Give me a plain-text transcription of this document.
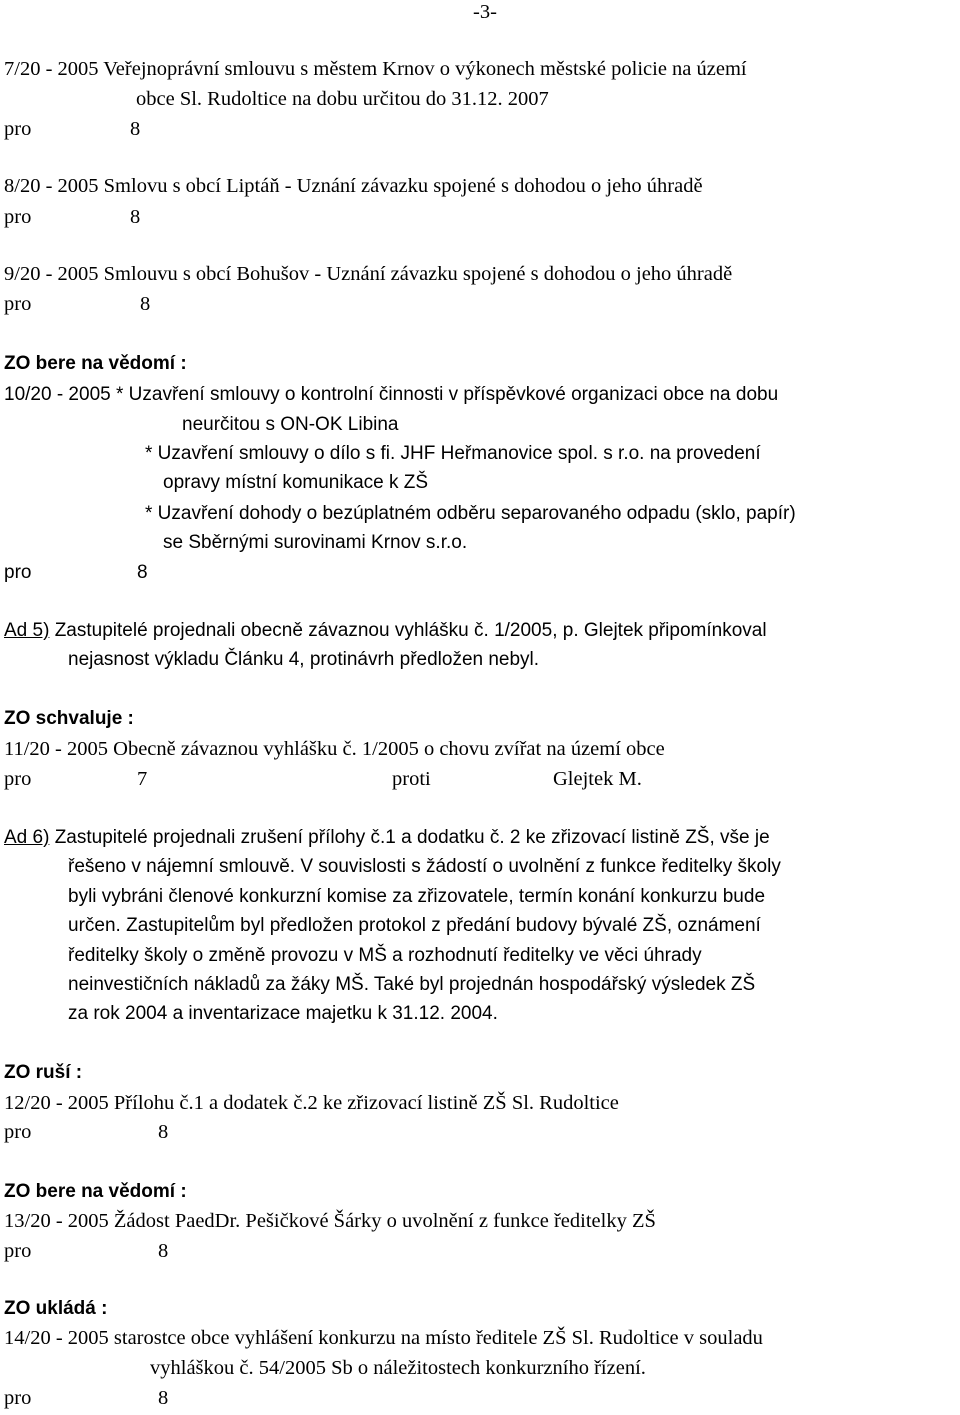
-3-
7/20 - 2005 Veřejnoprávní smlouvu s městem Krnov o výkonech městské policie na území
obce Sl. Rudoltice na dobu určitou do 31.12. 2007
pro	8
8/20 - 2005 Smlovu s obcí Liptáň - Uznání závazku spojené s dohodou o jeho úhradě
pro	8
9/20 - 2005 Smlouvu s obcí Bohušov - Uznání závazku spojené s dohodou o jeho úhradě
pro	8
ZO bere na vědomí :
10/20 - 2005 * Uzavření smlouvy o kontrolní činnosti v příspěvkové organizaci obce na dobu
neurčitou s ON-OK Libina
* Uzavření smlouvy o dílo s fi. JHF Heřmanovice spol. s r.o. na provedení
opravy místní komunikace k ZŠ
* Uzavření dohody o bezúplatném odběru separovaného odpadu (sklo, papír)
se Sběrnými surovinami Krnov s.r.o.
pro	8
Ad 5) Zastupitelé projednali obecně závaznou vyhlášku č. 1/2005, p. Glejtek připomínkoval
nejasnost výkladu Článku 4, protinávrh předložen nebyl.
ZO schvaluje :
11/20 - 2005 Obecně závaznou vyhlášku č. 1/2005 o chovu zvířat na území obce
pro	7	proti	Glejtek M.
Ad 6) Zastupitelé projednali zrušení přílohy č.1 a dodatku č. 2 ke zřizovací listině ZŠ, vše je
řešeno v nájemní smlouvě. V souvislosti s žádostí o uvolnění z funkce ředitelky školy
byli vybráni členové konkurzní komise za zřizovatele, termín konání konkurzu bude
určen. Zastupitelům byl předložen protokol z předání budovy bývalé ZŠ, oznámení
ředitelky školy o změně provozu v MŠ a rozhodnutí ředitelky ve věci úhrady
neinvestičních nákladů za žáky MŠ. Také byl projednán hospodářský výsledek ZŠ
za rok 2004 a inventarizace majetku k 31.12. 2004.
ZO ruší :
12/20 - 2005 Přílohu č.1 a dodatek č.2 ke zřizovací listině ZŠ Sl. Rudoltice
pro	8
ZO bere na vědomí :
13/20 - 2005 Žádost PaedDr. Pešičkové Šárky o uvolnění z funkce ředitelky ZŠ
pro	8
ZO ukládá :
14/20 - 2005 starostce obce vyhlášení konkurzu na místo ředitele ZŠ Sl. Rudoltice v souladu
vyhláškou č. 54/2005 Sb o náležitostech konkurzního řízení.
pro	8
